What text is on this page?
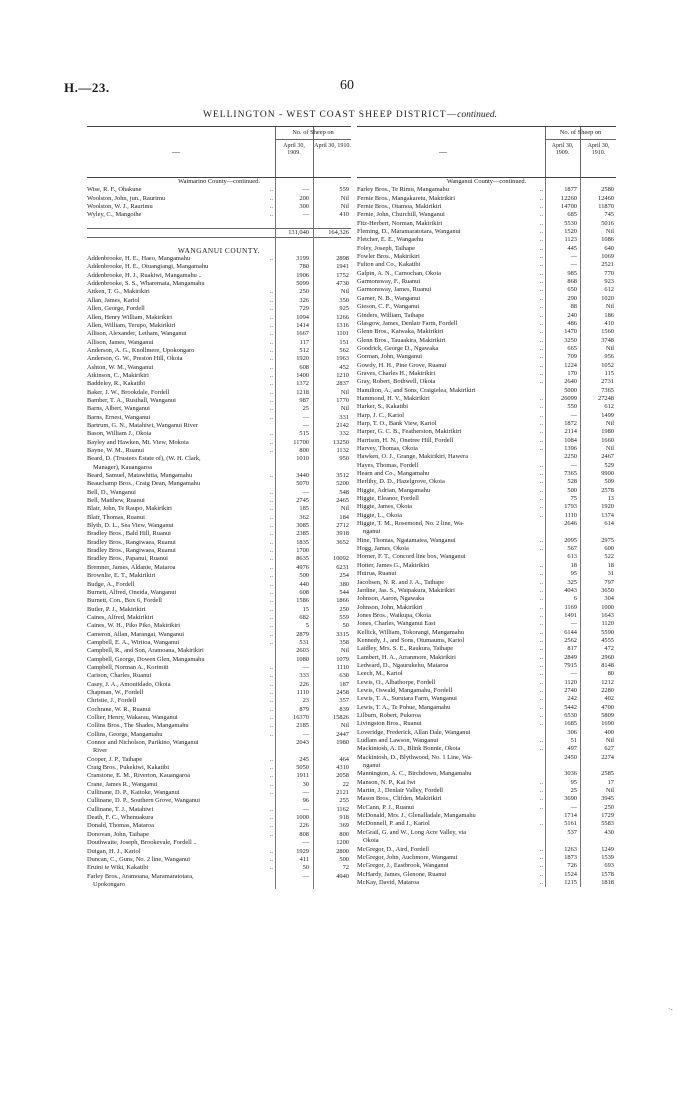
H.—23.	60
WELLINGTON - WEST COAST SHEEP DISTRICT—continued.
—
No. of Sheep on
April 30, 1909.
April 30, 1910.
Waimarino County—continued.
Wise, R. F., Ohakune	..	—	559
Woolston, John, jun., Raurimu	..	200	Nil
Woolston, W. J., Raurimu	..	300	Nil
Wyley, C., Mangoihe	..	—	410
131,040	164,326
WANGANUI COUNTY.
Addenbrooke, H. E., Haeo, Mangamahu	..	3199	2898
Addenbrooke, H. E., Otuangiangi, Mangamahu	780	1941
Addenbrooke, H. J., Ruakiwi, Mangamahu ..	1906	1752
Addenbrooke, S. S., Wharemata, Mangamahu	5099	4730
Aitken, T. G., Makirikiri	..	250	Nil
Allan, James, Kariol	..	326	350
Allen, George, Fordell	..	729	925
Allen, Henry William, Makirikiri	..	1094	1266
Allen, William, Terupo, Makirikiri	..	1414	1316
Allison, Alexander, Letham, Wanganui	..	1667	1101
Allison, James, Wanganui	..	117	151
Anderson, A. G., Knollmere, Upokongaro	..	512	562
Anderson, G. W., Preston Hill, Okoia	..	1920	1963
Ashton, W. M., Wanganui	..	608	452
Atkinson, C., Makirikiri	..	1400	1210
Baddeley, R., Kakatibi	..	1372	2837
Baker, J. W., Brookdale, Fordell	..	1218	Nil
Bamber, T. A., Rusthall, Wanganui	..	987	1770
Barns, Albert, Wanganui	..	25	Nil
Barns, Ernest, Wanganui	..	—	331
Bartrum, G. N., Matahiwi, Wanganui River	—	2142
Bason, William J., Okoia	..	515	332
Bayley and Hawken, Mt. View, Mokoia	..	11700	13250
Bayne, W. M., Ruanui	..	800	1132
Beard, D. (Trustees Estate of), (W. H. Clark,	1010	950
Manager), Kauangaroa
Beard, Samuel, Matawhitia, Mangamahu	..	3440	3512
Beauchamp Bros., Craig Dean, Mangamahu	5070	5200
Bell, D., Wanganui	..	—	548
Bell, Matthew, Ruanui	..	2745	2465
Blair, John, Te Raupo, Makirikiri	..	185	Nil
Blair, Thomas, Ruanui	..	362	184
Blyth, D. L., Sea View, Wanganui	..	3085	2712
Bradley Bros., Bald Hill, Ruanui	..	2385	3918
Bradley Bros., Rangiwaea, Ruanui	..	1835	3652
Bradley Bros., Rangiwaea, Ruanui	..	1700
Bradley Bros., Papanui, Ruanui	..	8635	10092
Bremner, James, Aldanie, Mataroa	..	4976	6231
Brownlie, E. T., Makirikiri	..	500	254
Budge, A., Fordell	..	440	380
Burnett, Alfred, Oneida, Wanganui	..	608	544
Burnett, Con., Box 6, Fordell	..	1586	1866
Butler, P. J., Makirikiri	..	15	250
Caines, Alfred, Makirikiri	..	682	559
Caines, W. H., Piko Piko, Makirikiri	..	5	50
Cameron, Allan, Marangai, Wanganui	..	2879	3315
Campbell, E. A., Wiritoa, Wanganui	..	531	358
Campbell, R., and Son, Aramoana, Makirikiri	2603	Nil
Campbell, George, Dowen Glen, Mangamahu	1080	1079
Campbell, Norman A., Korimiti	..	—	1110
Carison, Charles, Ruanui	..	333	630
Casey, J. A., Amoutidado, Okoia	..	226	187
Chapman, W., Fordell	..	1110	2458
Christie, J., Fordell	..	23	357
Cochrane, W. R., Ruanui	..	879	839
Collier, Henry, Wakarau, Wanganui	..	16370	15826
Collins Bros., The Shades, Mangamahu	..	2185	Nil
Collins, George, Mangamahu	..	—	2447
Connor and Nicholson, Parikino, Wanganui	2043	1980
River
Cooper, J. P., Taihape	..	245	464
Craig Bros., Pukekiwi, Kakatibi	..	5050	4310
Cranstone, E. M., Riverton, Kauangaroa	..	1911	2058
Crane, James R., Wanganui	..	30	22
Cullinane, D. P., Kaitoke, Wanganui	..	—	2121
Cullinane, D. P., Southern Grove, Wanganui	96	255
Cullinane, T. J., Matahiwi	..	—	1162
Death, F. C., Whenuakura	..	1000	918
Donald, Thomas, Mataroa	..	226	369
Donovan, John, Taihape	..	808	800
Douthwaite, Joseph, Brookevale, Fordell ..	—	1200
Duigan, H. J., Kariol	..	1929	2800
Duncan, C., Guns, No. 2 line, Wanganui	..	411	500
Eruini te Wiki, Kakatibi	..	50	72
Farley Bros., Aramoana, Maramaratotara,	—	4940
Upokongaro
—
No. of Sheep on
April 30, 1909.
April 30, 1910.
Wanganui County—continued.
Farley Bros., Te Rimu, Mangamahu	..	1877	2580
Fernie Bros., Mangakaretu, Makirikiri	..	12260	12460
Fernie Bros., Otamoa, Makirikiri	..	14700	11870
Fernie, John, Churchill, Wanganui	..	685	745
Fitz-Herbert, Norman, Makirikiri	..	5530	5016
Fleming, D., Maramaratotara, Wanganui	..	1520	Nil
Fletcher, E. E., Wangaehu	..	1123	1086
Foley, Joseph, Taihape	..	445	640
Fowler Bros., Makirikiri	..	—	1069
Fulton and Co., Kakatibi	..	—	2521
Galpin, A. N., Carnochan, Okoia	..	985	770
Garmonsway, F., Ruanui	..	868	923
Garmonsway, James, Ruanui	..	650	612
Garner, N. B., Wanganui	..	290	1020
Gieson, C. F., Wanganui	..	88	Nil
Ginders, William, Taihape	..	240	186
Glasgow, James, Denlair Farm, Fordell	..	486	410
Glenn Bros., Kaiwaka, Makirikiri	..	1470	1560
Glenn Bros., Tauaakira, Makirikiri	..	3250	3748
Goodrick, George D., Ngawaka	..	665	Nil
Gorman, John, Wanganui	..	709	956
Gowdy, H. H., Pine Grove, Ruanui	..	1224	1052
Graves, Charles H., Makirikiri	..	170	115
Gray, Robert, Bothwell, Okoia	..	2640	2731
Hamilton, A., and Sons, Craigielea, Makirikiri	5000	7365
Hammond, H. V., Makirikiri	..	26099	27248
Harker, S., Kakatibi	..	550	612
Harp, J. C., Kariol	..	—	1499
Harp, T. O., Bank View, Kariol	..	1872	Nil
Harper, G. C. B., Featherston, Makirikiri	..	2114	1980
Harrison, H. N., Onetree Hill, Fordell	..	1084	1660
Harvey, Thomas, Okoia	..	1396	Nil
Hawken, O. J., Grange, Makirikiri, Hawera	2250	2467
Hayes, Thomas, Fordell	..	—	529
Hearn and Co., Mangamahu	..	7365	9900
Herlihy, D. D., Hazelgrove, Okoia	..	528	509
Higgie, Adrian, Mangamahu	..	500	2578
Higgie, Eleanor, Fordell	..	75	13
Higgie, James, Okoia	..	1793	1920
Higgie, L., Okoia	..	1110	1374
Higgie, T. M., Rosemond, No. 2 line, Wa-	2646	614
nganui
Hine, Thomas, Ngatamatea, Wanganui	..	2095	2975
Hogg, James, Okoia	..	567	600
Horner, F. T., Concord line box, Wanganui	613	522
Hotter, James G., Makirikiri	..	18	18
Huirua, Ruanui	..	95	31
Jacobsen, N. R. and J. A., Taihape	..	325	797
Jardine, Jas. S., Waipakura, Makirikiri	..	4043	3650
Johnson, Aaron, Ngawaka	..	6	304
Johnson, John, Makirikiri	..	1169	1000
Jones Bros., Waikupa, Okoia	..	1491	1643
Jones, Charles, Wanganui East	..	—	1120
Kellick, William, Tokorangi, Mangamahu	..	6144	5590
Kennedy, J., and Sons, Otumaums, Kariol	..	2562	4555
Laidley, Mrs. S. E., Raukura, Taihape	..	817	472
Lambert, H. A., Arranmore, Makirikiri	..	2849	2960
Ledward, D., Ngaurukehu, Mataroa	..	7915	8148
Leech, M., Kariol	..	—	80
Lewis, O., Albathorpe, Fordell	..	1120	1212
Lewis, Oswald, Mangamahu, Fordell	..	2740	2280
Lewis, T. A., Surutara Farm, Wanganui	..	242	402
Lewis, T. A., Te Pohue, Mangamahu	..	5442	4700
Lilburn, Robert, Pukeroa	..	6530	5809
Livingston Bros., Ruanui	..	1685	1690
Loveridge, Frederick, Allan Dale, Wanganui	306	400
Ludlam and Lawson, Wanganui	..	51	Nil
Mackintosh, A. D., Blink Bonnie, Okoia	..	497	627
Mackintosh, D., Blythwood, No. 1 Line, Wa-	2450	2274
nganui
Mannington, A. C., Birchdown, Mangamahu	3036	2585
Manson, N. P., Kai Iwi	..	95	17
Martin, J., Denlair Valley, Fordell	..	25	Nil
Mason Bros., Clifden, Makirikiri	..	3690	3945
McCann, P. J., Ruanui	..	—	250
McDonald, Mrs. J., Glenalladale, Mangamahu	1714	1729
McDonnell, P. and J., Kariol	..	5161	5583
McGrail, G. and W., Long Acre Valley, via	537	430
Okoia
McGregor, D., Aird, Fordell	..	1263	1249
McGregor, John, Auchmore, Wanganui	..	1873	1539
McGregor, J., Eastbrook, Wanganui	..	726	693
McHardy, James, Glenone, Ruanui	..	1524	1578
McKay, David, Mataroa	..	1215	1818
·-
